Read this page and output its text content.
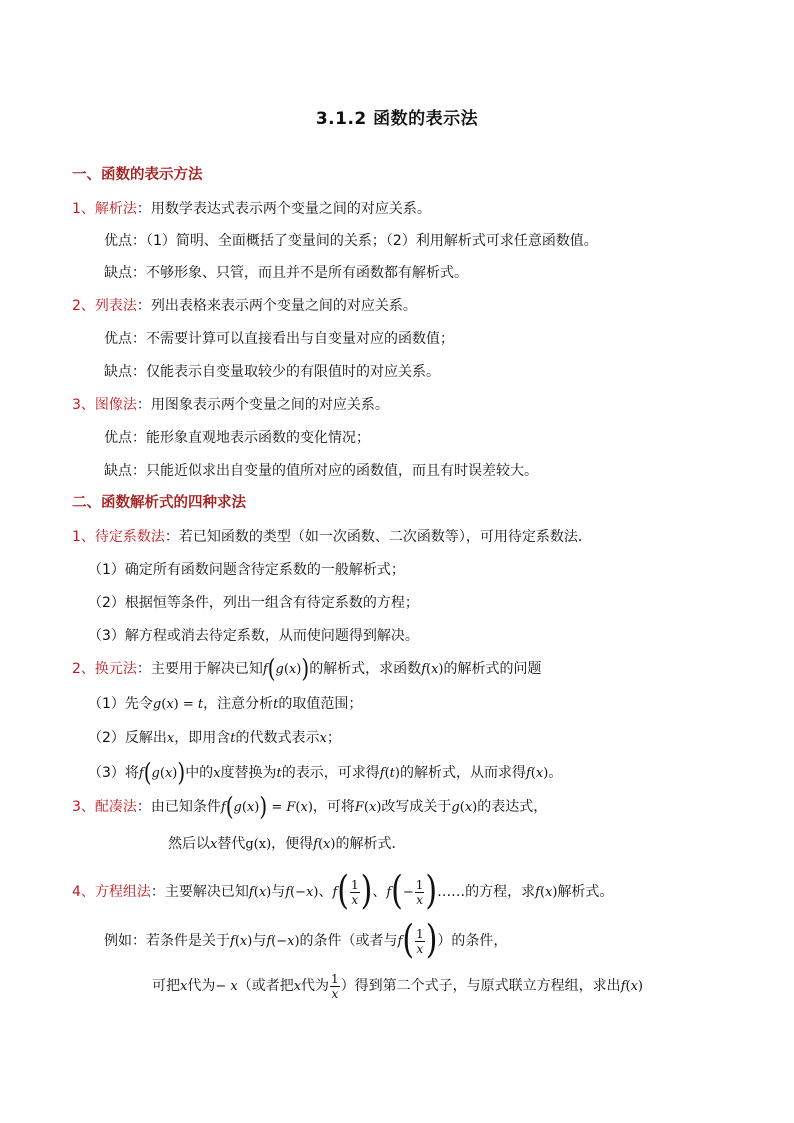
3.1.2 函数的表示法
一、函数的表示方法
1、解析法：用数学表达式表示两个变量之间的对应关系。
优点：（1）简明、全面概括了变量间的关系；（2）利用解析式可求任意函数值。
缺点：不够形象、只管，而且并不是所有函数都有解析式。
2、列表法：列出表格来表示两个变量之间的对应关系。
优点：不需要计算可以直接看出与自变量对应的函数值；
缺点：仅能表示自变量取较少的有限值时的对应关系。
3、图像法：用图象表示两个变量之间的对应关系。
优点：能形象直观地表示函数的变化情况；
缺点：只能近似求出自变量的值所对应的函数值，而且有时误差较大。
二、函数解析式的四种求法
1、待定系数法：若已知函数的类型（如一次函数、二次函数等），可用待定系数法．
（1）确定所有函数问题含待定系数的一般解析式；
（2）根据恒等条件，列出一组含有待定系数的方程；
（3）解方程或消去待定系数，从而使问题得到解决。
2、换元法：主要用于解决已知f(g(x))的解析式，求函数f(x)的解析式的问题
（1）先令g(x) = t，注意分析t的取值范围；
（2）反解出x，即用含t的代数式表示x；
（3）将f(g(x))中的x度替换为t的表示，可求得f(t)的解析式，从而求得f(x)。
3、配凑法：由已知条件f(g(x)) = F(x)，可将F(x)改写成关于g(x)的表达式，
然后以x替代g(x)，便得f(x)的解析式．
4、方程组法：主要解决已知f(x)与f(−x)、$f( \frac{1}{x}$ )、$f(- \frac{1}{x}$ )……的方程，求f(x)解析式。
例如：若条件是关于f(x)与f(−x)的条件（或者与$f( \frac{1}{x}$ )）的条件，
可把x代为− x（或者把x代为 $\frac{1}{x}$ ）得到第二个式子，与原式联立方程组，求出f(x)
